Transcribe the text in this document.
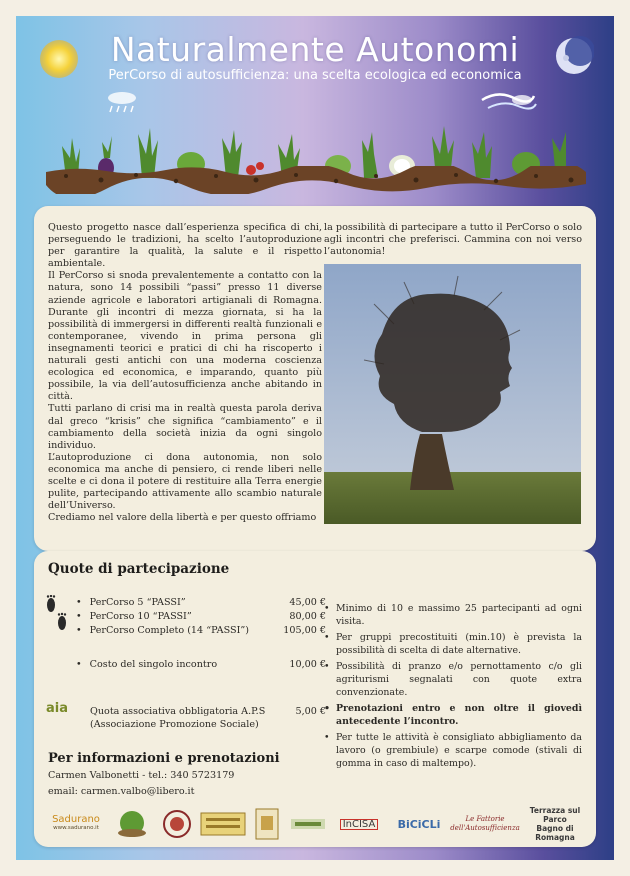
Naturalmente Autonomi
PerCorso di autosufficienza: una scelta ecologica ed economica

Questo progetto nasce dall’esperienza specifica di chi, perseguendo le tradizioni, ha scelto l’autoproduzione per garantire la qualità, la salute e il rispetto ambientale.

Il PerCorso si snoda prevalentemente a contatto con la natura, sono 14 possibili “passi” presso 11 diverse aziende agricole e laboratori artigianali di Romagna. Durante gli incontri di mezza giornata, si ha la possibilità di immergersi in differenti realtà funzionali e contemporanee, vivendo in prima persona gli insegnamenti teorici e pratici di chi ha riscoperto i naturali gesti antichi con una moderna coscienza ecologica ed economica, e imparando, quanto più possibile, la via dell’autosufficienza anche abitando in città.

Tutti parlano di crisi ma in realtà questa parola deriva dal greco “krisis” che significa “cambiamento” e il cambiamento della società inizia da ogni singolo individuo.

L’autoproduzione ci dona autonomia, non solo economica ma anche di pensiero, ci rende liberi nelle scelte e ci dona il potere di restituire alla Terra energie pulite, partecipando attivamente allo scambio naturale dell’Universo.

Crediamo nel valore della libertà e per questo offriamo

la possibilità di partecipare a tutto il PerCorso o solo agli incontri che preferisci. Cammina con noi verso l’autonomia!

Quote di partecipazione
• PerCorso 5 “PASSI”	45,00 €
• PerCorso 10 “PASSI”	80,00 €
• PerCorso Completo (14 “PASSI”)	105,00 €
• Costo del singolo incontro	10,00 €
aia Quota associativa obbligatoria A.P.S	5,00 €
(Associazione Promozione Sociale)
Per informazioni e prenotazioni
Carmen Valbonetti - tel.: 340 5723179
email: carmen.valbo@libero.it
• Minimo di 10 e massimo 25 partecipanti ad ogni visita.
• Per gruppi precostituiti (min.10) è prevista la possibilità di scelta di date alternative.
• Possibilità di pranzo e/o pernottamento c/o gli agriturismi segnalati con quote extra convenzionate.
• Prenotazioni entro e non oltre il giovedì antecedente l’incontro.
• Per tutte le attività è consigliato abbigliamento da lavoro (o grembiule) e scarpe comode (stivali di gomma in caso di maltempo).
Sadurano
www.sadurano.it	InCISA BiCiCLi	Le Fattorie dell'Autosufficienza
Terrazza sul Parco
Bagno di Romagna
